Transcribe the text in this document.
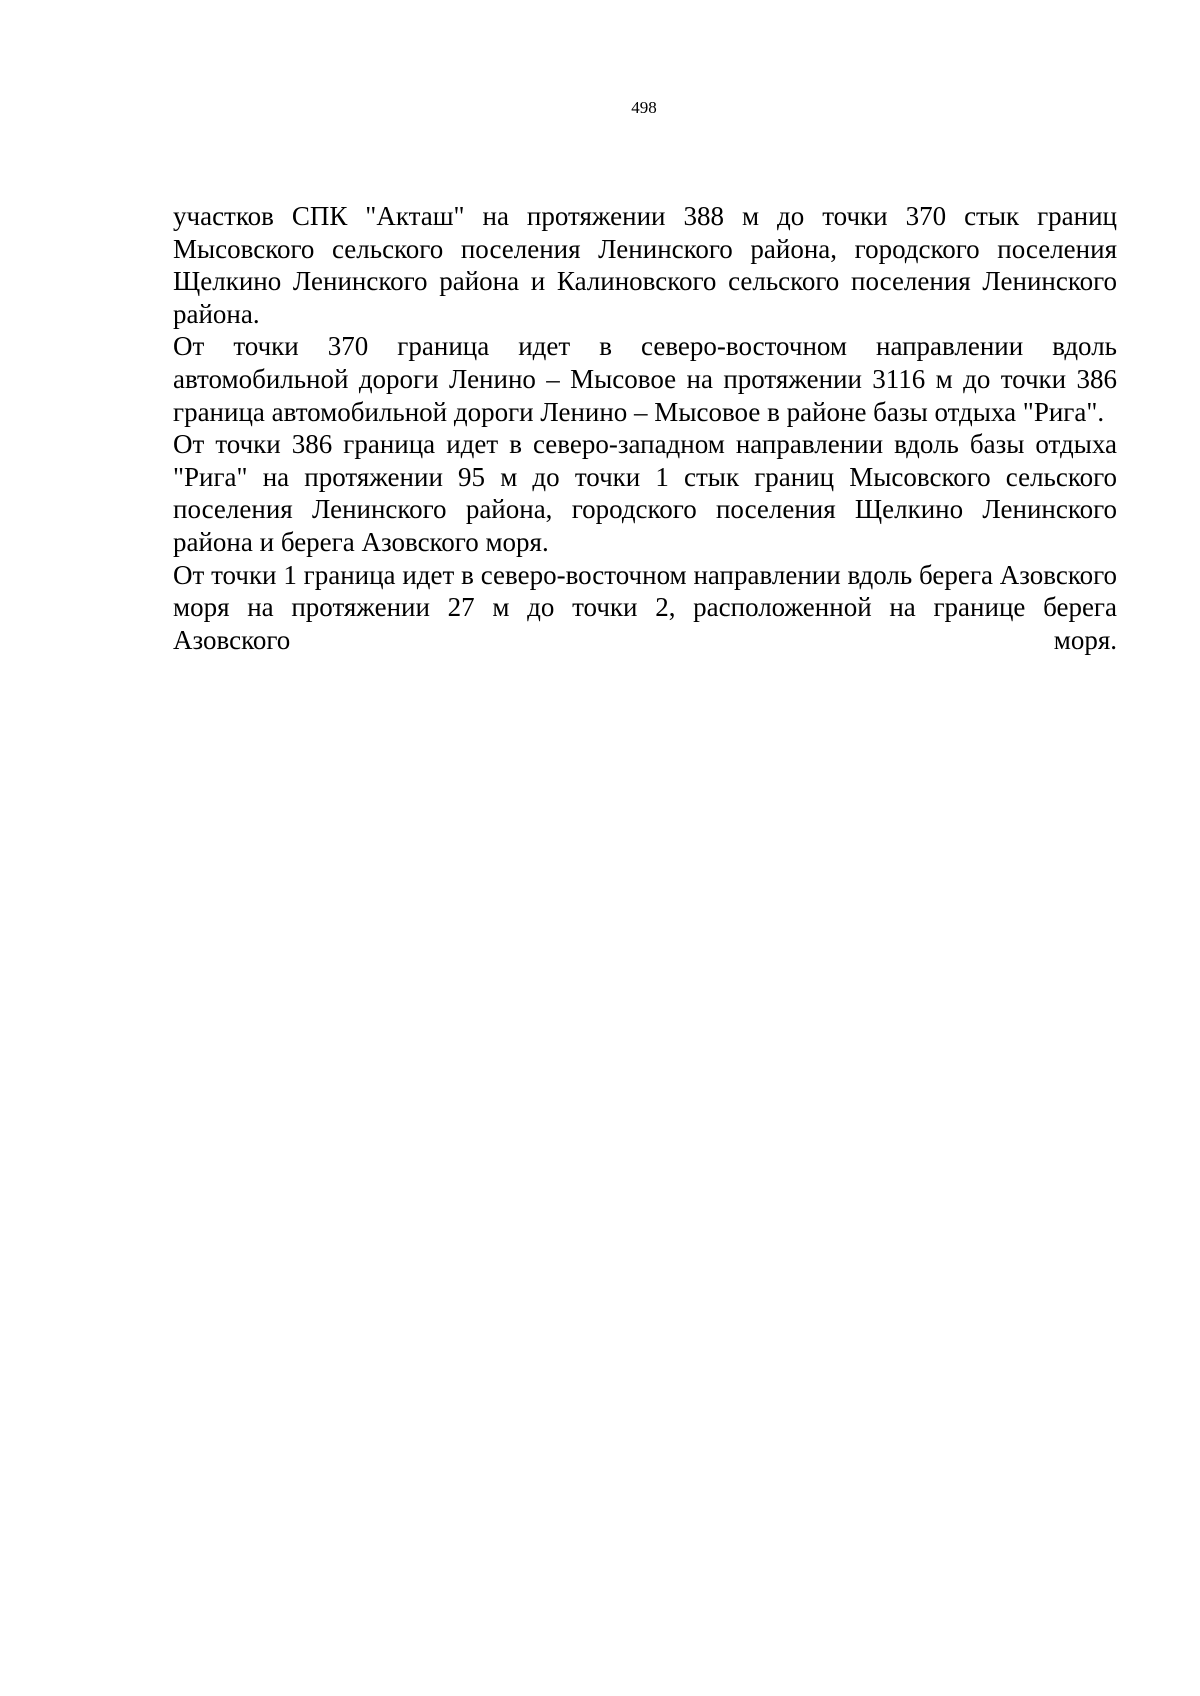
498

участков СПК "Акташ" на протяжении 388 м до точки 370 стык границ Мысовского сельского поселения Ленинского района, городского поселения Щелкино Ленинского района и Калиновского сельского поселения Ленинского района.

От точки 370 граница идет в северо-восточном направлении вдоль автомобильной дороги Ленино – Мысовое на протяжении 3116 м до точки 386 граница автомобильной дороги Ленино – Мысовое в районе базы отдыха "Рига".

От точки 386 граница идет в северо-западном направлении вдоль базы отдыха "Рига" на протяжении 95 м до точки 1 стык границ Мысовского сельского поселения Ленинского района, городского поселения Щелкино Ленинского района и берега Азовского моря.

От точки 1 граница идет в северо-восточном направлении вдоль берега Азовского моря на протяжении 27 м до точки 2, расположенной на границе берега Азовского моря.
